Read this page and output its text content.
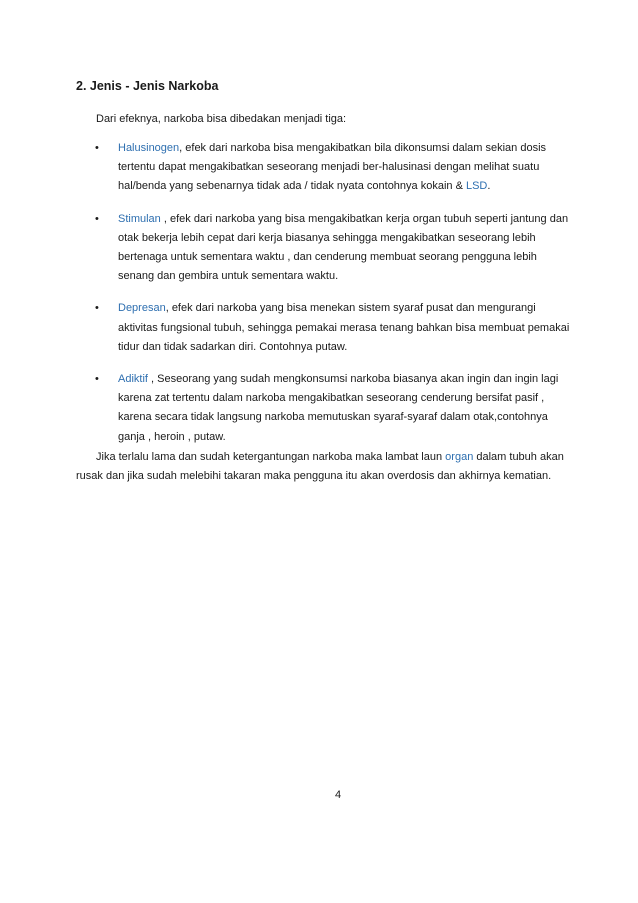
2. Jenis - Jenis Narkoba
Dari efeknya, narkoba bisa dibedakan menjadi tiga:
• Halusinogen, efek dari narkoba bisa mengakibatkan bila dikonsumsi dalam sekian dosis tertentu dapat mengakibatkan seseorang menjadi ber-halusinasi dengan melihat suatu hal/benda yang sebenarnya tidak ada / tidak nyata contohnya kokain & LSD.
• Stimulan , efek dari narkoba yang bisa mengakibatkan kerja organ tubuh seperti jantung dan otak bekerja lebih cepat dari kerja biasanya sehingga mengakibatkan seseorang lebih bertenaga untuk sementara waktu , dan cenderung membuat seorang pengguna lebih senang dan gembira untuk sementara waktu.
• Depresan, efek dari narkoba yang bisa menekan sistem syaraf pusat dan mengurangi aktivitas fungsional tubuh, sehingga pemakai merasa tenang bahkan bisa membuat pemakai tidur dan tidak sadarkan diri. Contohnya putaw.
• Adiktif , Seseorang yang sudah mengkonsumsi narkoba biasanya akan ingin dan ingin lagi karena zat tertentu dalam narkoba mengakibatkan seseorang cenderung bersifat pasif , karena secara tidak langsung narkoba memutuskan syaraf-syaraf dalam otak,contohnya ganja , heroin , putaw.
Jika terlalu lama dan sudah ketergantungan narkoba maka lambat laun organ dalam tubuh akan rusak dan jika sudah melebihi takaran maka pengguna itu akan overdosis dan akhirnya kematian.
4
